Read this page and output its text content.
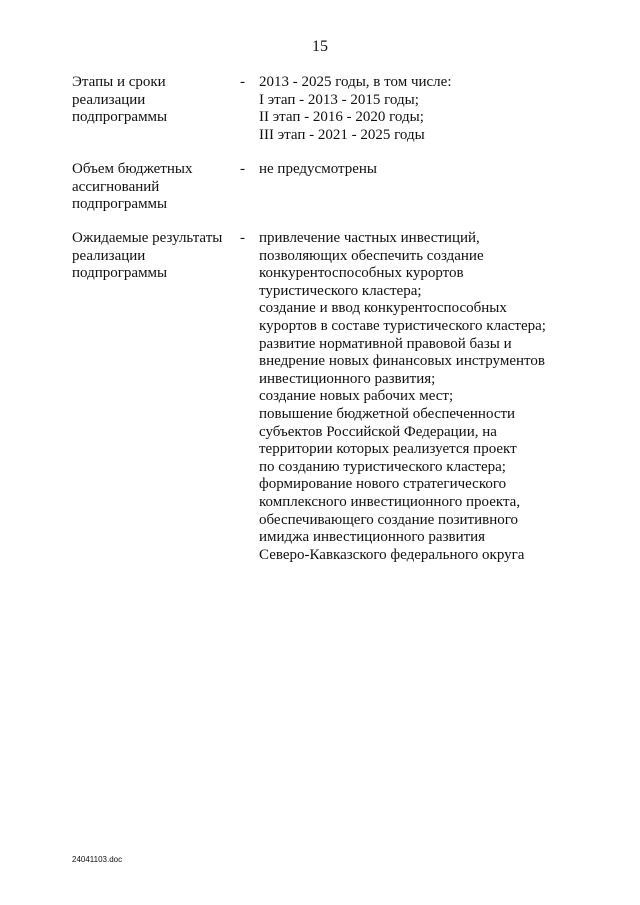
15
Этапы и сроки
реализации
подпрограммы
- 2013 - 2025 годы, в том числе:
I этап - 2013 - 2015 годы;
II этап - 2016 - 2020 годы;
III этап - 2021 - 2025 годы
Объем бюджетных
ассигнований
подпрограммы
- не предусмотрены
Ожидаемые результаты
реализации
подпрограммы
- привлечение частных инвестиций,
позволяющих обеспечить создание
конкурентоспособных курортов
туристического кластера;
создание и ввод конкурентоспособных
курортов в составе туристического кластера;
развитие нормативной правовой базы и
внедрение новых финансовых инструментов
инвестиционного развития;
создание новых рабочих мест;
повышение бюджетной обеспеченности
субъектов Российской Федерации, на
территории которых реализуется проект
по созданию туристического кластера;
формирование нового стратегического
комплексного инвестиционного проекта,
обеспечивающего создание позитивного
имиджа инвестиционного развития
Северо-Кавказского федерального округа
24041103.doc
